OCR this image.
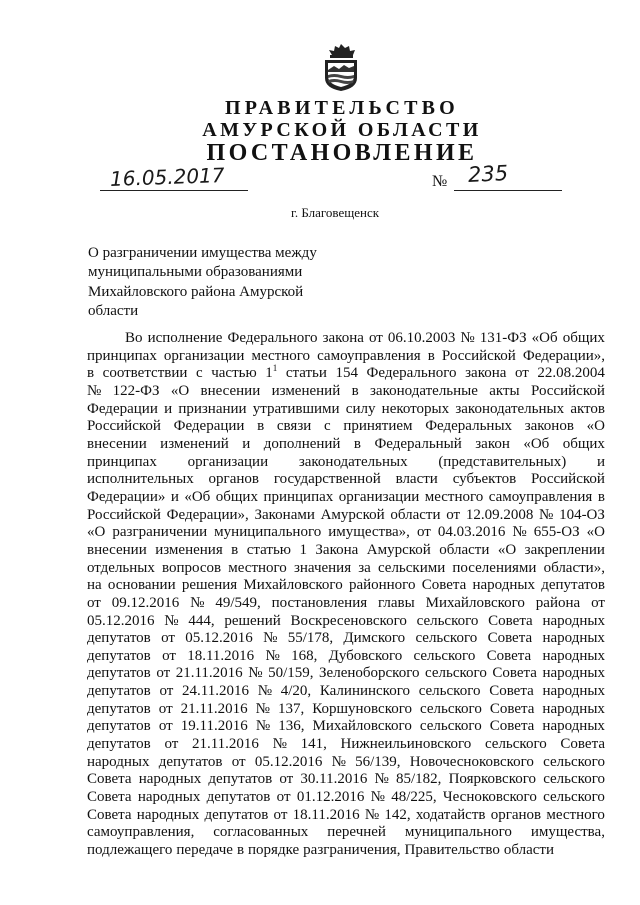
ПРАВИТЕЛЬСТВО
АМУРСКОЙ ОБЛАСТИ
ПОСТАНОВЛЕНИЕ
16.05.2017	№ 235
г. Благовещенск
О разграничении имущества между
муниципальными образованиями
Михайловского района Амурской
области
Во исполнение Федерального закона от 06.10.2003 № 131-ФЗ «Об общих
принципах организации местного самоуправления в Российской Федерации»,
в соответствии с частью $1^1$ статьи 154 Федерального закона от 22.08.2004
№ 122-ФЗ «О внесении изменений в законодательные акты Российской
Федерации и признании утратившими силу некоторых законодательных актов
Российской Федерации в связи с принятием Федеральных законов «О
внесении изменений и дополнений в Федеральный закон «Об общих
принципах организации законодательных (представительных) и
исполнительных органов государственной власти субъектов Российской
Федерации» и «Об общих принципах организации местного самоуправления в
Российской Федерации», Законами Амурской области от 12.09.2008 № 104-ОЗ
«О разграничении муниципального имущества», от 04.03.2016 № 655-ОЗ «О
внесении изменения в статью 1 Закона Амурской области «О закреплении
отдельных вопросов местного значения за сельскими поселениями области»,
на основании решения Михайловского районного Совета народных депутатов
от 09.12.2016 № 49/549, постановления главы Михайловского района от
05.12.2016 № 444, решений Воскресеновского сельского Совета народных
депутатов от 05.12.2016 № 55/178, Димского сельского Совета народных
депутатов от 18.11.2016 № 168, Дубовского сельского Совета народных
депутатов от 21.11.2016 № 50/159, Зеленоборского сельского Совета народных
депутатов от 24.11.2016 № 4/20, Калининского сельского Совета народных
депутатов от 21.11.2016 № 137, Коршуновского сельского Совета народных
депутатов от 19.11.2016 № 136, Михайловского сельского Совета народных
депутатов от 21.11.2016 № 141, Нижнеильиновского сельского Совета
народных депутатов от 05.12.2016 № 56/139, Новочесноковского сельского
Совета народных депутатов от 30.11.2016 № 85/182, Поярковского сельского
Совета народных депутатов от 01.12.2016 № 48/225, Чесноковского сельского
Совета народных депутатов от 18.11.2016 № 142, ходатайств органов местного
самоуправления, согласованных перечней муниципального имущества,
подлежащего передаче в порядке разграничения, Правительство области
